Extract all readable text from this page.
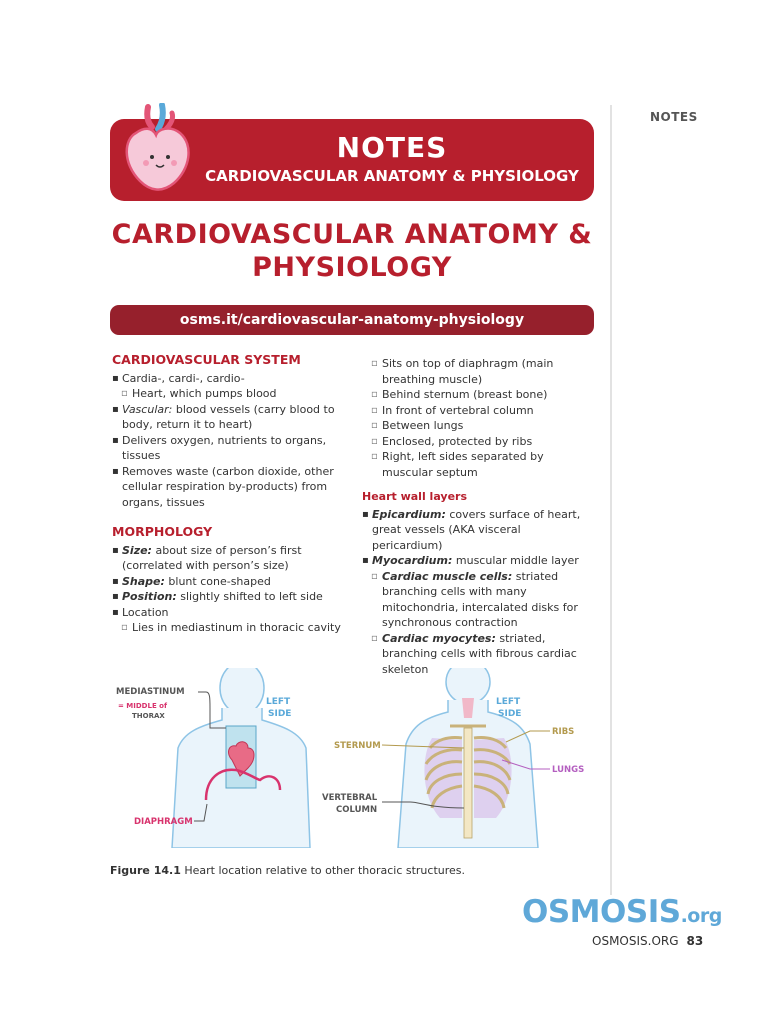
NOTES
NOTES
CARDIOVASCULAR ANATOMY & PHYSIOLOGY
CARDIOVASCULAR ANATOMY &
PHYSIOLOGY
osms.it/cardiovascular-anatomy-physiology
CARDIOVASCULAR SYSTEM
▪ Cardia-, cardi-, cardio-
▫ Heart, which pumps blood
▪ Vascular: blood vessels (carry blood to body, return it to heart)
▪ Delivers oxygen, nutrients to organs, tissues
▪ Removes waste (carbon dioxide, other cellular respiration by-products) from organs, tissues
MORPHOLOGY
▪ Size: about size of person’s first (correlated with person’s size)
▪ Shape: blunt cone-shaped
▪ Position: slightly shifted to left side
▪ Location
▫ Lies in mediastinum in thoracic cavity
▫ Sits on top of diaphragm (main breathing muscle)
▫ Behind sternum (breast bone)
▫ In front of vertebral column
▫ Between lungs
▫ Enclosed, protected by ribs
▫ Right, left sides separated by muscular septum
Heart wall layers
▪ Epicardium: covers surface of heart, great vessels (AKA visceral pericardium)
▪ Myocardium: muscular middle layer
▫ Cardiac muscle cells: striated branching cells with many mitochondria, intercalated disks for synchronous contraction
▫ Cardiac myocytes: striated, branching cells with fibrous cardiac skeleton
MEDIASTINUM
= MIDDLE of
THORAX
LEFT
SIDE
DIAPHRAGM
LEFT
SIDE
RIBS
STERNUM
LUNGS
VERTEBRAL
COLUMN
Figure 14.1 Heart location relative to other thoracic structures.
OSMOSIS.org
OSMOSIS.ORG 83
